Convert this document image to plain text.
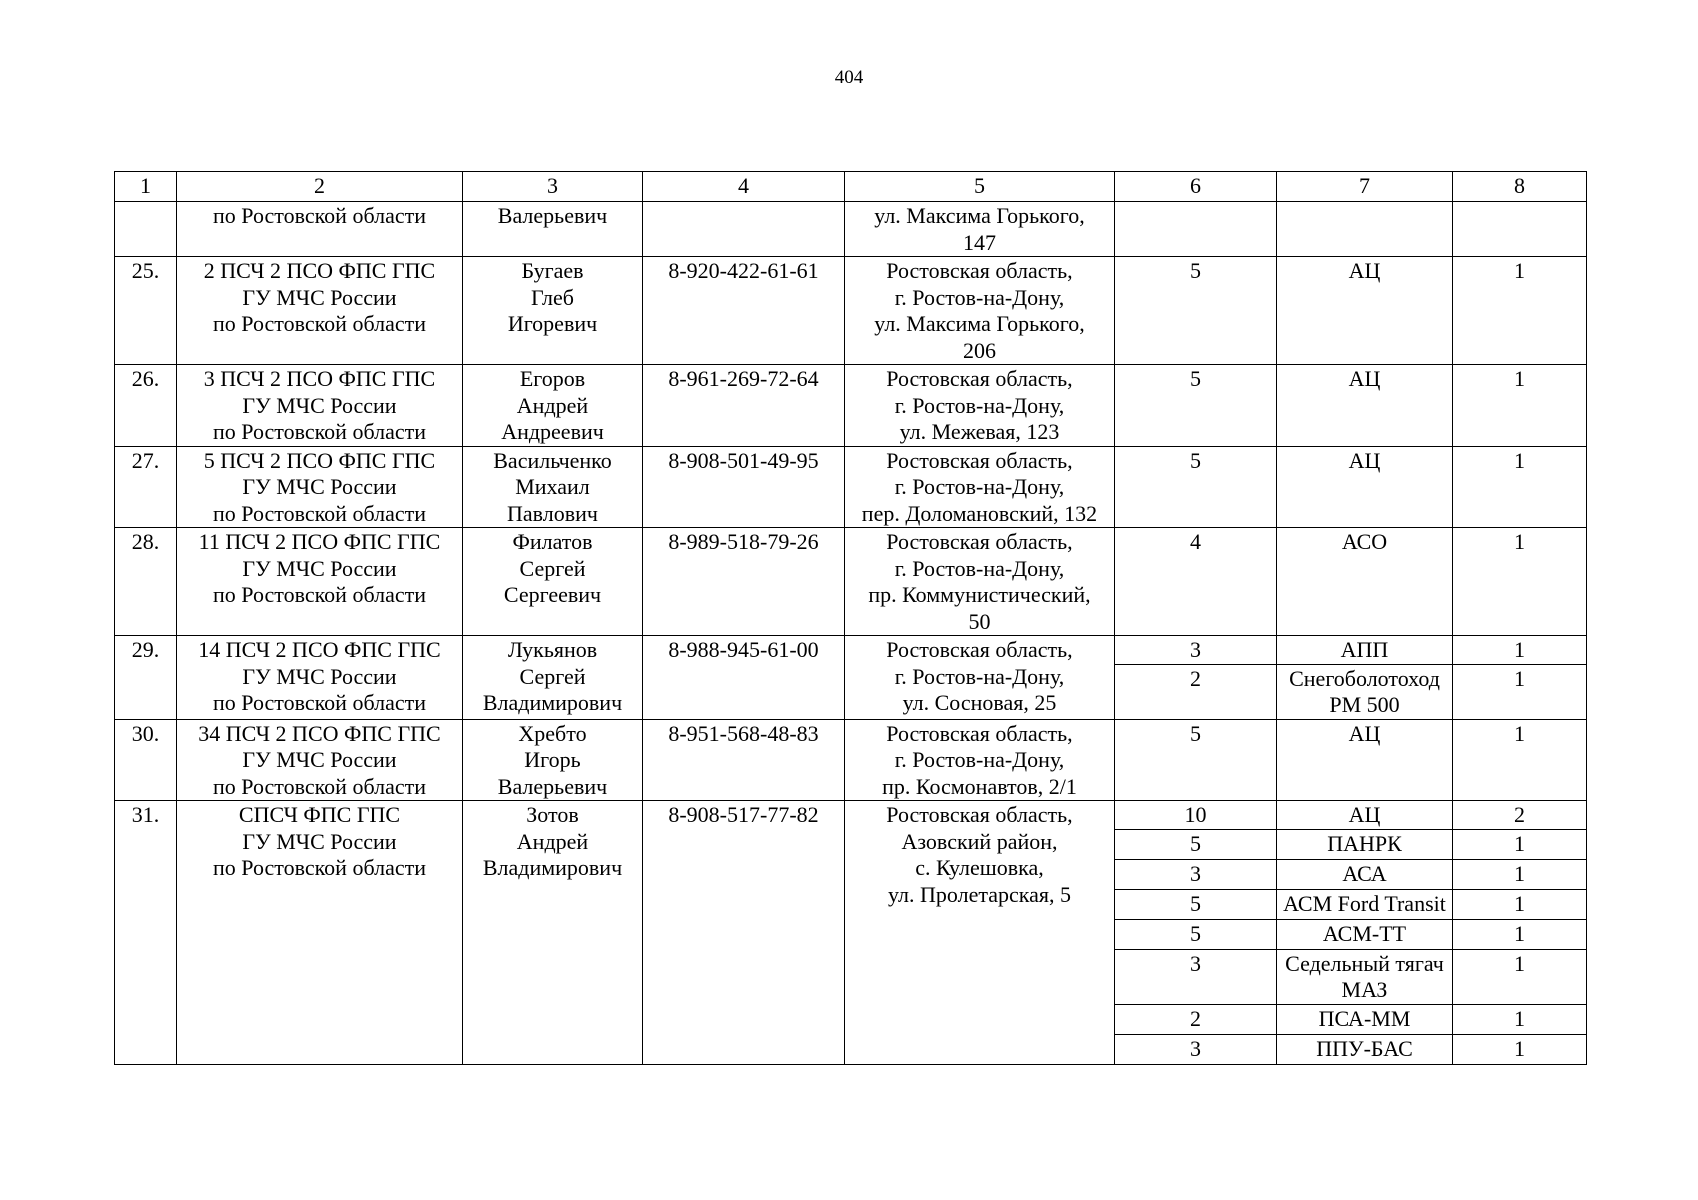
404
1	2	3	4	5	6	7	8

	по Ростовской области	Валерьевич		ул. Максима Горького,
147			

25.	2 ПСЧ 2 ПСО ФПС ГПС
ГУ МЧС России
по Ростовской области	Бугаев
Глеб
Игоревич	8-920-422-61-61	Ростовская область,
г. Ростов-на-Дону,
ул. Максима Горького,
206	5	АЦ	1
26.	3 ПСЧ 2 ПСО ФПС ГПС
ГУ МЧС России
по Ростовской области	Егоров
Андрей
Андреевич	8-961-269-72-64	Ростовская область,
г. Ростов-на-Дону,
ул. Межевая, 123	5	АЦ	1
27.	5 ПСЧ 2 ПСО ФПС ГПС
ГУ МЧС России
по Ростовской области	Васильченко
Михаил
Павлович	8-908-501-49-95	Ростовская область,
г. Ростов-на-Дону,
пер. Доломановский, 132	5	АЦ	1
28.	11 ПСЧ 2 ПСО ФПС ГПС
ГУ МЧС России
по Ростовской области	Филатов
Сергей
Сергеевич	8-989-518-79-26	Ростовская область,
г. Ростов-на-Дону,
пр. Коммунистический,
50	4	АСО	1
29.	14 ПСЧ 2 ПСО ФПС ГПС
ГУ МЧС России
по Ростовской области	Лукьянов
Сергей
Владимирович	8-988-945-61-00	Ростовская область,
г. Ростов-на-Дону,
ул. Сосновая, 25	3	АПП	1
					2	Снегоболотоход РМ 500	1
30.	34 ПСЧ 2 ПСО ФПС ГПС
ГУ МЧС России
по Ростовской области	Хребто
Игорь
Валерьевич	8-951-568-48-83	Ростовская область,
г. Ростов-на-Дону,
пр. Космонавтов, 2/1	5	АЦ	1
31.	СПСЧ ФПС ГПС
ГУ МЧС России
по Ростовской области	Зотов
Андрей
Владимирович	8-908-517-77-82	Ростовская область,
Азовский район,
с. Кулешовка,
ул. Пролетарская, 5	10	АЦ	2
					5	ПАНРК	1
					3	АСА	1
					5	АСМ Ford Transit	1
					5	АСМ-ТТ	1
					3	Седельный тягач МАЗ	1
					2	ПСА-ММ	1
					3	ППУ-БАС	1
